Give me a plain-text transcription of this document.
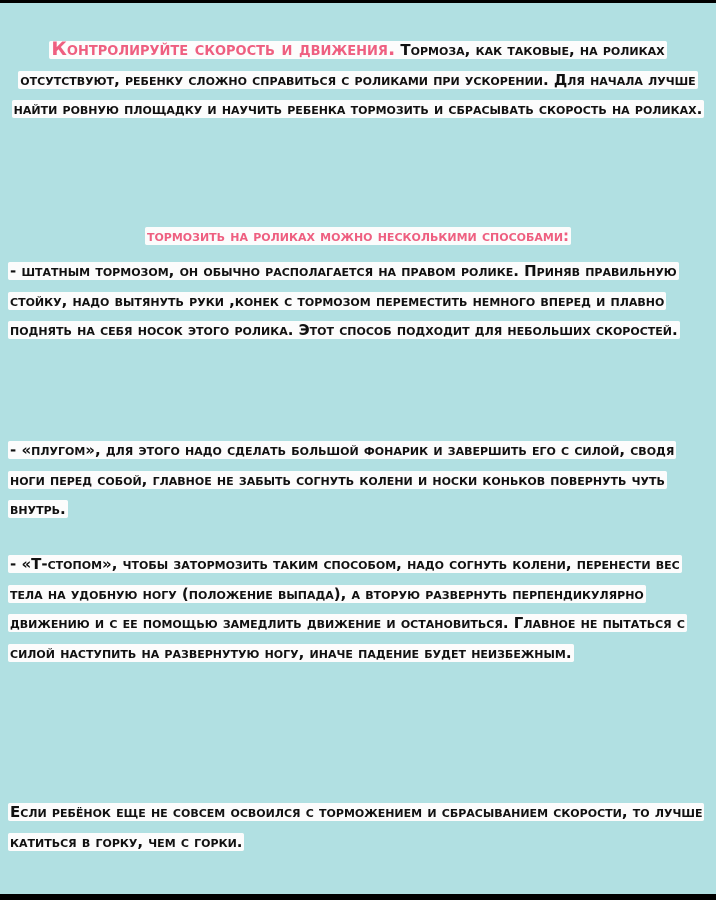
Контролируйте скорость и движения. Тормоза, как таковые, на роликах отсутствуют, ребенку сложно справиться с роликами при ускорении. Для начала лучше найти ровную площадку и научить ребенка тормозить и сбрасывать скорость на роликах.
тормозить на роликах можно несколькими способами:
- штатным тормозом, он обычно располагается на правом ролике. Приняв правильную стойку, надо вытянуть руки ,конек с тормозом переместить немного вперед и плавно поднять на себя носок этого ролика. Этот способ подходит для небольших скоростей.
- «плугом», для этого надо сделать большой фонарик и завершить его с силой, сводя ноги перед собой, главное не забыть согнуть колени и носки коньков повернуть чуть внутрь.
- «Т-стопом», чтобы затормозить таким способом, надо согнуть колени, перенести вес тела на удобную ногу (положение выпада), а вторую развернуть перпендикулярно движению и с ее помощью замедлить движение и остановиться. Главное не пытаться с силой наступить на развернутую ногу, иначе падение будет неизбежным.
Если ребёнок еще не совсем освоился с торможением и сбрасыванием скорости, то лучше катиться в горку, чем с горки.
